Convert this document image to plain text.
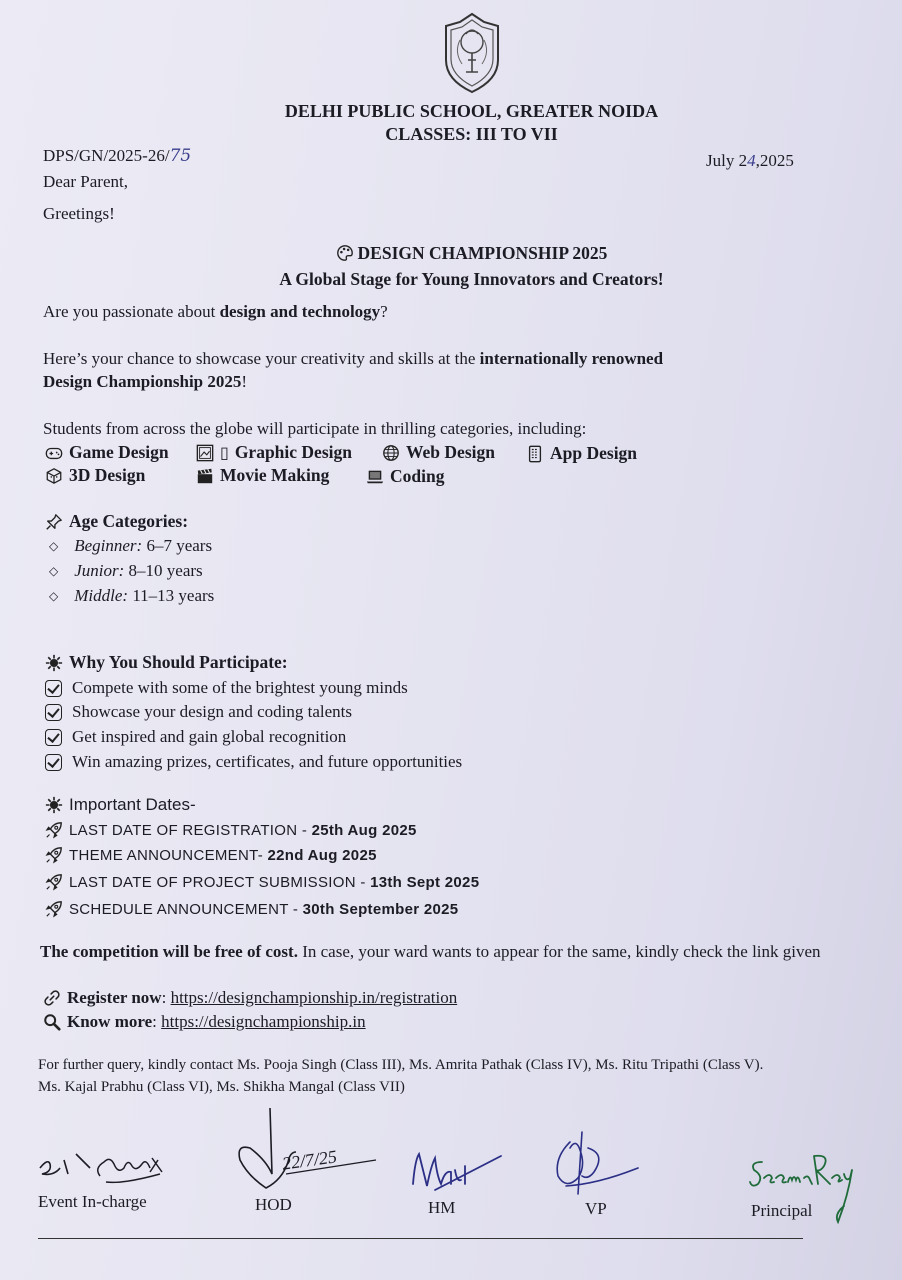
DELHI PUBLIC SCHOOL, GREATER NOIDA
CLASSES: III TO VII
DPS/GN/2025-26/75	July 24,2025
Dear Parent,
Greetings!
DESIGN CHAMPIONSHIP 2025
A Global Stage for Young Innovators and Creators!
Are you passionate about design and technology?
Here’s your chance to showcase your creativity and skills at the internationally renowned
Design Championship 2025!
Students from across the globe will participate in thrilling categories, including:
Game Design	▯ Graphic Design	Web Design	App Design
3D Design	Movie Making	Coding
Age Categories:
◇ Beginner: 6–7 years
◇ Junior: 8–10 years
◇ Middle: 11–13 years
Why You Should Participate:
Compete with some of the brightest young minds
Showcase your design and coding talents
Get inspired and gain global recognition
Win amazing prizes, certificates, and future opportunities
Important Dates-
LAST DATE OF REGISTRATION - 25th Aug 2025
THEME ANNOUNCEMENT- 22nd Aug 2025
LAST DATE OF PROJECT SUBMISSION - 13th Sept 2025
SCHEDULE ANNOUNCEMENT - 30th September 2025
The competition will be free of cost. In case, your ward wants to appear for the same, kindly check the link given
Register now: https://designchampionship.in/registration
Know more: https://designchampionship.in
For further query, kindly contact Ms. Pooja Singh (Class III), Ms. Amrita Pathak (Class IV), Ms. Ritu Tripathi (Class V).
Ms. Kajal Prabhu (Class VI), Ms. Shikha Mangal (Class VII)
Event In-charge
22/7/25
HOD	HM	VP	Principal
